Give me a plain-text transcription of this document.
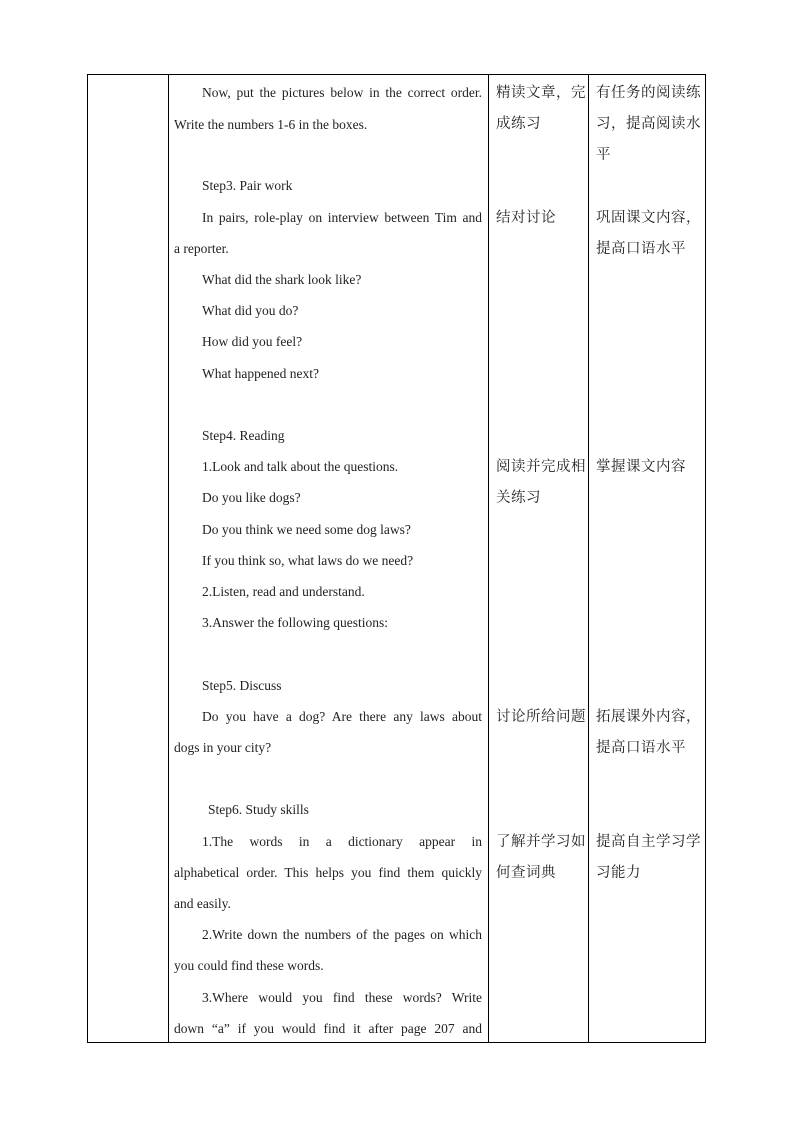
Now, put the pictures below in the correct order.
Write the numbers 1-6 in the boxes.
Step3. Pair work
In pairs, role-play on interview between Tim and
a reporter.
What did the shark look like?
What did you do?
How did you feel?
What happened next?
Step4. Reading
1.Look and talk about the questions.
Do you like dogs?
Do you think we need some dog laws?
If you think so, what laws do we need?
2.Listen, read and understand.
3.Answer the following questions:
Step5. Discuss
Do you have a dog? Are there any laws about
dogs in your city?
Step6. Study skills
1.The words in a dictionary appear in
alphabetical order. This helps you find them quickly
and easily.
2.Write down the numbers of the pages on which
you could find these words.
3.Where would you find these words? Write
down “a” if you would find it after page 207 and
精读文章，完
成练习
结对讨论
阅读并完成相
关练习
讨论所给问题
了解并学习如
何查词典
有任务的阅读练
习，提高阅读水
平
巩固课文内容，
提高口语水平
掌握课文内容
拓展课外内容，
提高口语水平
提高自主学习学
习能力
